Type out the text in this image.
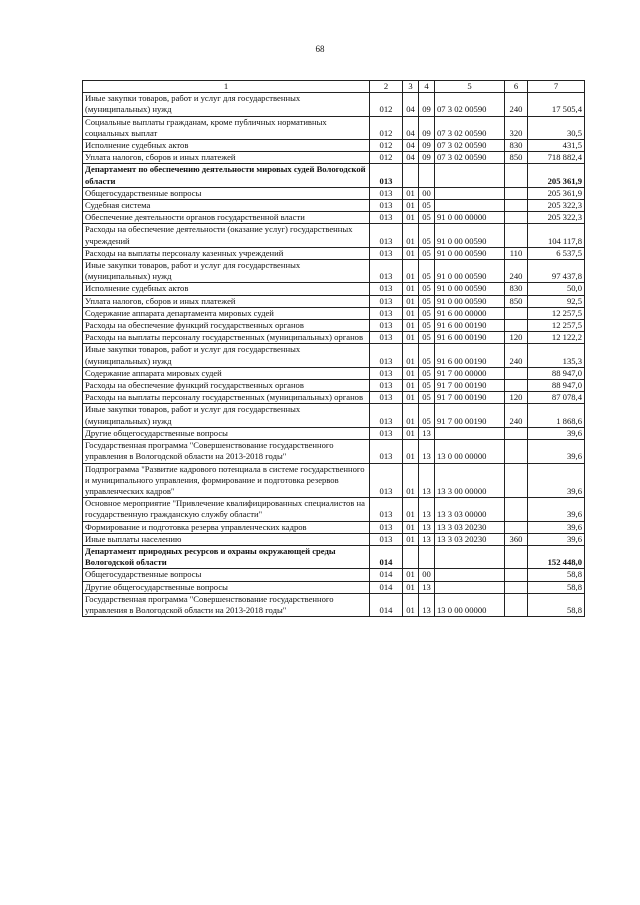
68
1	2	3	4	5	6	7
Иные закупки товаров, работ и услуг для государственных (муниципальных) нужд	012	04	09	07 3 02 00590	240	17 505,4
Социальные выплаты гражданам, кроме публичных нормативных социальных выплат	012	04	09	07 3 02 00590	320	30,5
Исполнение судебных актов	012	04	09	07 3 02 00590	830	431,5
Уплата налогов, сборов и иных платежей	012	04	09	07 3 02 00590	850	718 882,4
Департамент по обеспечению деятельности мировых судей Вологодской области	013					205 361,9
Общегосударственные вопросы	013	01	00			205 361,9
Судебная система	013	01	05			205 322,3
Обеспечение деятельности органов государственной власти	013	01	05	91 0 00 00000		205 322,3
Расходы на обеспечение деятельности (оказание услуг) государственных учреждений	013	01	05	91 0 00 00590		104 117,8
Расходы на выплаты персоналу казенных учреждений	013	01	05	91 0 00 00590	110	6 537,5
Иные закупки товаров, работ и услуг для государственных (муниципальных) нужд	013	01	05	91 0 00 00590	240	97 437,8
Исполнение судебных актов	013	01	05	91 0 00 00590	830	50,0
Уплата налогов, сборов и иных платежей	013	01	05	91 0 00 00590	850	92,5
Содержание аппарата департамента мировых судей	013	01	05	91 6 00 00000		12 257,5
Расходы на обеспечение функций государственных органов	013	01	05	91 6 00 00190		12 257,5
Расходы на выплаты персоналу государственных (муниципальных) органов	013	01	05	91 6 00 00190	120	12 122,2
Иные закупки товаров, работ и услуг для государственных (муниципальных) нужд	013	01	05	91 6 00 00190	240	135,3
Содержание аппарата мировых судей	013	01	05	91 7 00 00000		88 947,0
Расходы на обеспечение функций государственных органов	013	01	05	91 7 00 00190		88 947,0
Расходы на выплаты персоналу государственных (муниципальных) органов	013	01	05	91 7 00 00190	120	87 078,4
Иные закупки товаров, работ и услуг для государственных (муниципальных) нужд	013	01	05	91 7 00 00190	240	1 868,6
Другие общегосударственные вопросы	013	01	13			39,6
Государственная программа "Совершенствование государственного управления в Вологодской области на 2013-2018 годы"	013	01	13	13 0 00 00000		39,6
Подпрограмма "Развитие кадрового потенциала в системе государственного и муниципального управления, формирование и подготовка резервов управленческих кадров"	013	01	13	13 3 00 00000		39,6
Основное мероприятие "Привлечение квалифицированных специалистов на государственную гражданскую службу области"	013	01	13	13 3 03 00000		39,6
Формирование и подготовка резерва управленческих кадров	013	01	13	13 3 03 20230		39,6
Иные выплаты населению	013	01	13	13 3 03 20230	360	39,6
Департамент природных ресурсов и охраны окружающей среды Вологодской области	014					152 448,0
Общегосударственные вопросы	014	01	00			58,8
Другие общегосударственные вопросы	014	01	13			58,8
Государственная программа "Совершенствование государственного управления в Вологодской области на 2013-2018 годы"	014	01	13	13 0 00 00000		58,8
